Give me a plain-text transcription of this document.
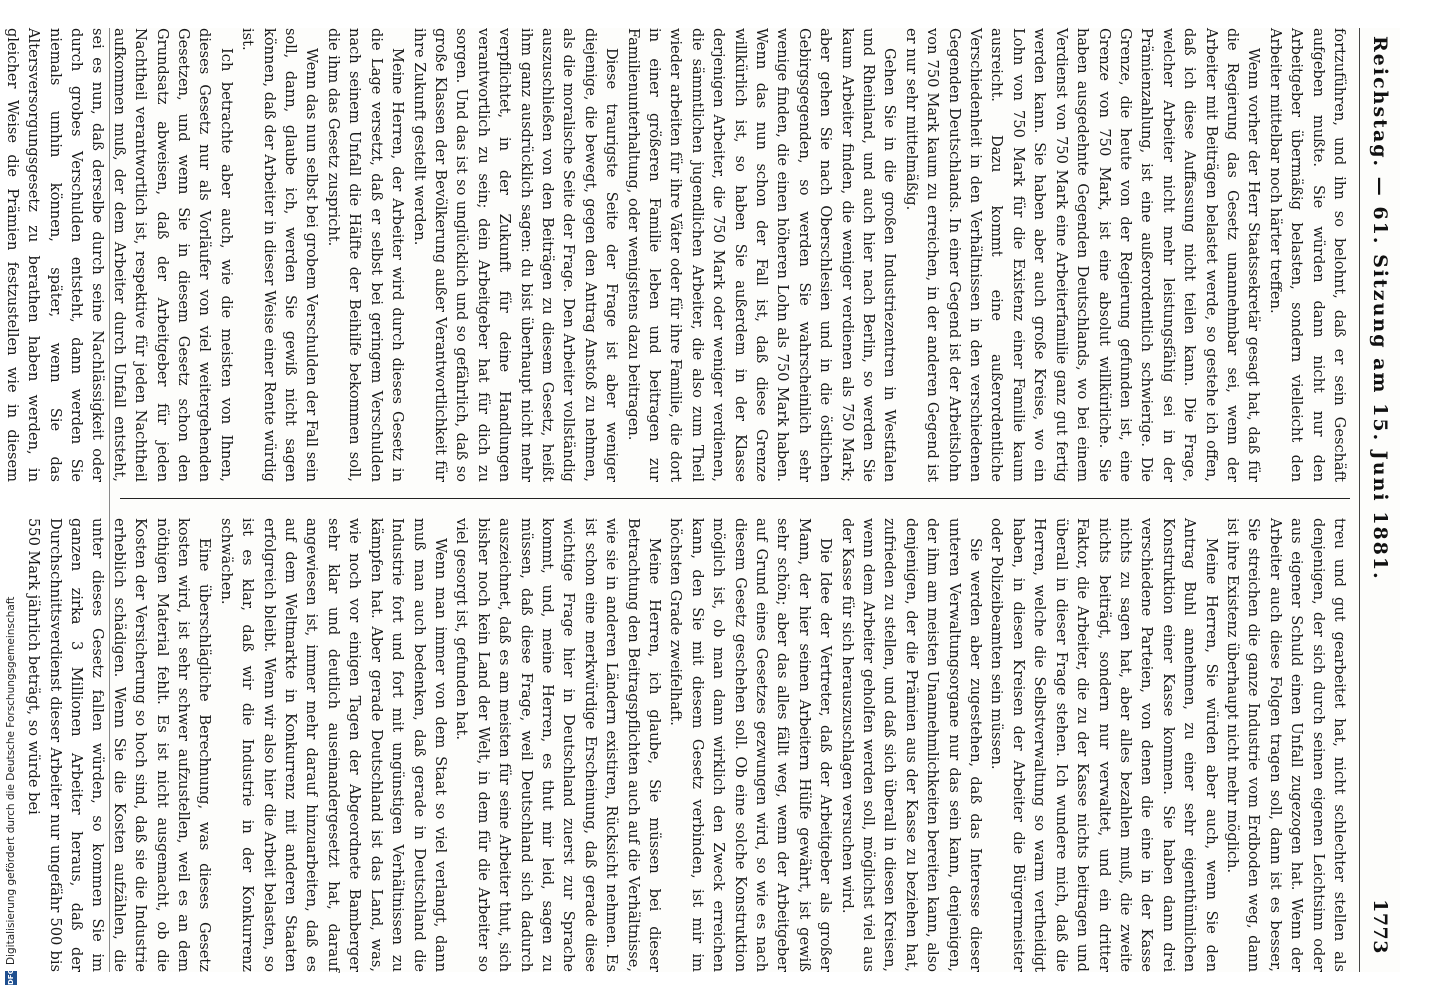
DFG
Digitalisierung gefördert durch die Deutsche Forschungsgemeinschaft
Reichstag. — 61. Sitzung am 15. Juni 1881.
1773

fortzuführen, und ihn so belohnt, daß er sein Geschäft aufgeben mußte. Sie würden dann nicht nur den Arbeitgeber übermäßig belasten, sondern vielleicht den Arbeiter mittelbar noch härter treffen.

Wenn vorher der Herr Staatssekretär gesagt hat, daß für die Regierung das Gesetz unannehmbar sei, wenn der Arbeiter mit Beiträgen belastet werde, so gestehe ich offen, daß ich diese Auffassung nicht teilen kann. Die Frage, welcher Arbeiter nicht mehr leistungsfähig sei in der Prämienzahlung, ist eine außerordentlich schwierige. Die Grenze, die heute von der Regierung gefunden ist, eine Grenze von 750 Mark, ist eine absolut willkürliche. Sie haben ausgedehnte Gegenden Deutschlands, wo bei einem Verdienst von 750 Mark eine Arbeiterfamilie ganz gut fertig werden kann. Sie haben aber auch große Kreise, wo ein Lohn von 750 Mark für die Existenz einer Familie kaum ausreicht. Dazu kommt eine außerordentliche Verschiedenheit in den Verhältnissen in den verschiedenen Gegenden Deutschlands. In einer Gegend ist der Arbeitslohn von 750 Mark kaum zu erreichen, in der anderen Gegend ist er nur sehr mittelmäßig.

Gehen Sie in die großen Industriezentren in Westfalen und Rheinland, und auch hier nach Berlin, so werden Sie kaum Arbeiter finden, die weniger verdienen als 750 Mark; aber gehen Sie nach Oberschlesien und in die östlichen Gebirgsgegenden, so werden Sie wahrscheinlich sehr wenige finden, die einen höheren Lohn als 750 Mark haben. Wenn das nun schon der Fall ist, daß diese Grenze willkürlich ist, so haben Sie außerdem in der Klasse derjenigen Arbeiter, die 750 Mark oder weniger verdienen, die sämmtlichen jugendlichen Arbeiter, die also zum Theil wieder arbeiten für ihre Väter oder für ihre Familie, die dort in einer größeren Familie leben und beitragen zur Familienunterhaltung, oder wenigstens dazu beitragen.

Diese traurigste Seite der Frage ist aber weniger diejenige, die bewegt, gegen den Antrag Anstoß zu nehmen, als die moralische Seite der Frage. Den Arbeiter vollständig auszuschließen von den Beiträgen zu diesem Gesetz, heißt ihm ganz ausdrücklich sagen: du bist überhaupt nicht mehr verpflichtet, in der Zukunft für deine Handlungen verantwortlich zu sein; dein Arbeitgeber hat für dich zu sorgen. Und das ist so unglücklich und so gefährlich, daß so große Klassen der Bevölkerung außer Verantwortlichkeit für ihre Zukunft gestellt werden.

Meine Herren, der Arbeiter wird durch dieses Gesetz in die Lage versetzt, daß er selbst bei geringem Verschulden nach seinem Unfall die Hälfte der Beihilfe bekommen soll, die ihm das Gesetz zuspricht.

Wenn das nun selbst bei grobem Verschulden der Fall sein soll, dann, glaube ich, werden Sie gewiß nicht sagen können, daß der Arbeiter in dieser Weise einer Rente würdig ist.

Ich betrachte aber auch, wie die meisten von Ihnen, dieses Gesetz nur als Vorläufer von viel weitergehenden Gesetzen, und wenn Sie in diesem Gesetz schon den Grundsatz abweisen, daß der Arbeitgeber für jeden Nachtheil verantwortlich ist, respektive für jeden Nachtheil aufkommen muß, der dem Arbeiter durch Unfall entsteht, sei es nun, daß derselbe durch seine Nachlässigkeit oder durch grobes Verschulden entsteht, dann werden Sie niemals umhin können, später, wenn Sie das Altersversorgungsgesetz zu berathen haben werden, in gleicher Weise die Prämien festzustellen wie in diesem

treu und gut gearbeitet hat, nicht schlechter stellen als denjenigen, der sich durch seinen eigenen Leichtsinn oder aus eigener Schuld einen Unfall zugezogen hat. Wenn der Arbeiter auch diese Folgen tragen soll, dann ist es besser, Sie streichen die ganze Industrie vom Erdboden weg, dann ist ihre Existenz überhaupt nicht mehr möglich.

Meine Herren, Sie würden aber auch, wenn Sie den Antrag Buhl annehmen, zu einer sehr eigenthümlichen Konstruktion einer Kasse kommen. Sie haben dann drei verschiedene Parteien, von denen die eine in der Kasse nichts zu sagen hat, aber alles bezahlen muß, die zweite nichts beiträgt, sondern nur verwaltet, und ein dritter Faktor, die Arbeiter, die zu der Kasse nichts beitragen und überall in dieser Frage stehen. Ich wundere mich, daß die Herren, welche die Selbstverwaltung so warm vertheidigt haben, in diesen Kreisen der Arbeiter die Bürgermeister oder Polizeibeamten sein müssen.

Sie werden aber zugestehen, daß das Interesse dieser unteren Verwaltungsorgane nur das sein kann, denjenigen, der ihm am meisten Unannehmlichkeiten bereiten kann, also denjenigen, der die Prämien aus der Kasse zu beziehen hat, zufrieden zu stellen, und daß sich überall in diesen Kreisen, wenn dem Arbeiter geholfen werden soll, möglichst viel aus der Kasse für sich herauszuschlagen versuchen wird.

Die Idee der Vertreter, daß der Arbeitgeber als großer Mann, der hier seinen Arbeitern Hülfe gewährt, ist gewiß sehr schön; aber das alles fällt weg, wenn der Arbeitgeber auf Grund eines Gesetzes gezwungen wird, so wie es nach diesem Gesetz geschehen soll. Ob eine solche Konstruktion möglich ist, ob man dann wirklich den Zweck erreichen kann, den Sie mit diesem Gesetz verbinden, ist mir im höchsten Grade zweifelhaft.

Meine Herren, ich glaube, Sie müssen bei dieser Betrachtung den Beitragspflichten auch auf die Verhältnisse, wie sie in anderen Ländern existiren, Rücksicht nehmen. Es ist schon eine merkwürdige Erscheinung, daß gerade diese wichtige Frage hier in Deutschland zuerst zur Sprache kommt, und, meine Herren, es thut mir leid, sagen zu müssen, daß diese Frage, weil Deutschland sich dadurch auszeichnet, daß es am meisten für seine Arbeiter thut, sich bisher noch kein Land der Welt, in dem für die Arbeiter so viel gesorgt ist, gefunden hat.

Wenn man immer von dem Staat so viel verlangt, dann muß man auch bedenken, daß gerade in Deutschland die Industrie fort und fort mit ungünstigen Verhältnissen zu kämpfen hat. Aber gerade Deutschland ist das Land, was, wie noch vor einigen Tagen der Abgeordnete Bamberger sehr klar und deutlich auseinandergesetzt hat, darauf angewiesen ist, immer mehr darauf hinzuarbeiten, daß es auf dem Weltmarkte in Konkurrenz mit anderen Staaten erfolgreich bleibt. Wenn wir also hier die Arbeit belasten, so ist es klar, daß wir die Industrie in der Konkurrenz schwächen.

Eine überschlägliche Berechnung, was dieses Gesetz kosten wird, ist sehr schwer aufzustellen, weil es an dem nöthigen Material fehlt. Es ist nicht ausgemacht, ob die Kosten der Versicherung so hoch sind, daß sie die Industrie erheblich schädigen. Wenn Sie die Kosten aufzählen, die unter dieses Gesetz fallen würden, so kommen Sie im ganzen zirka 3 Millionen Arbeiter heraus, daß der Durchschnittsverdienst dieser Arbeiter nur ungefähr 500 bis 550 Mark jährlich beträgt, so würde bei
